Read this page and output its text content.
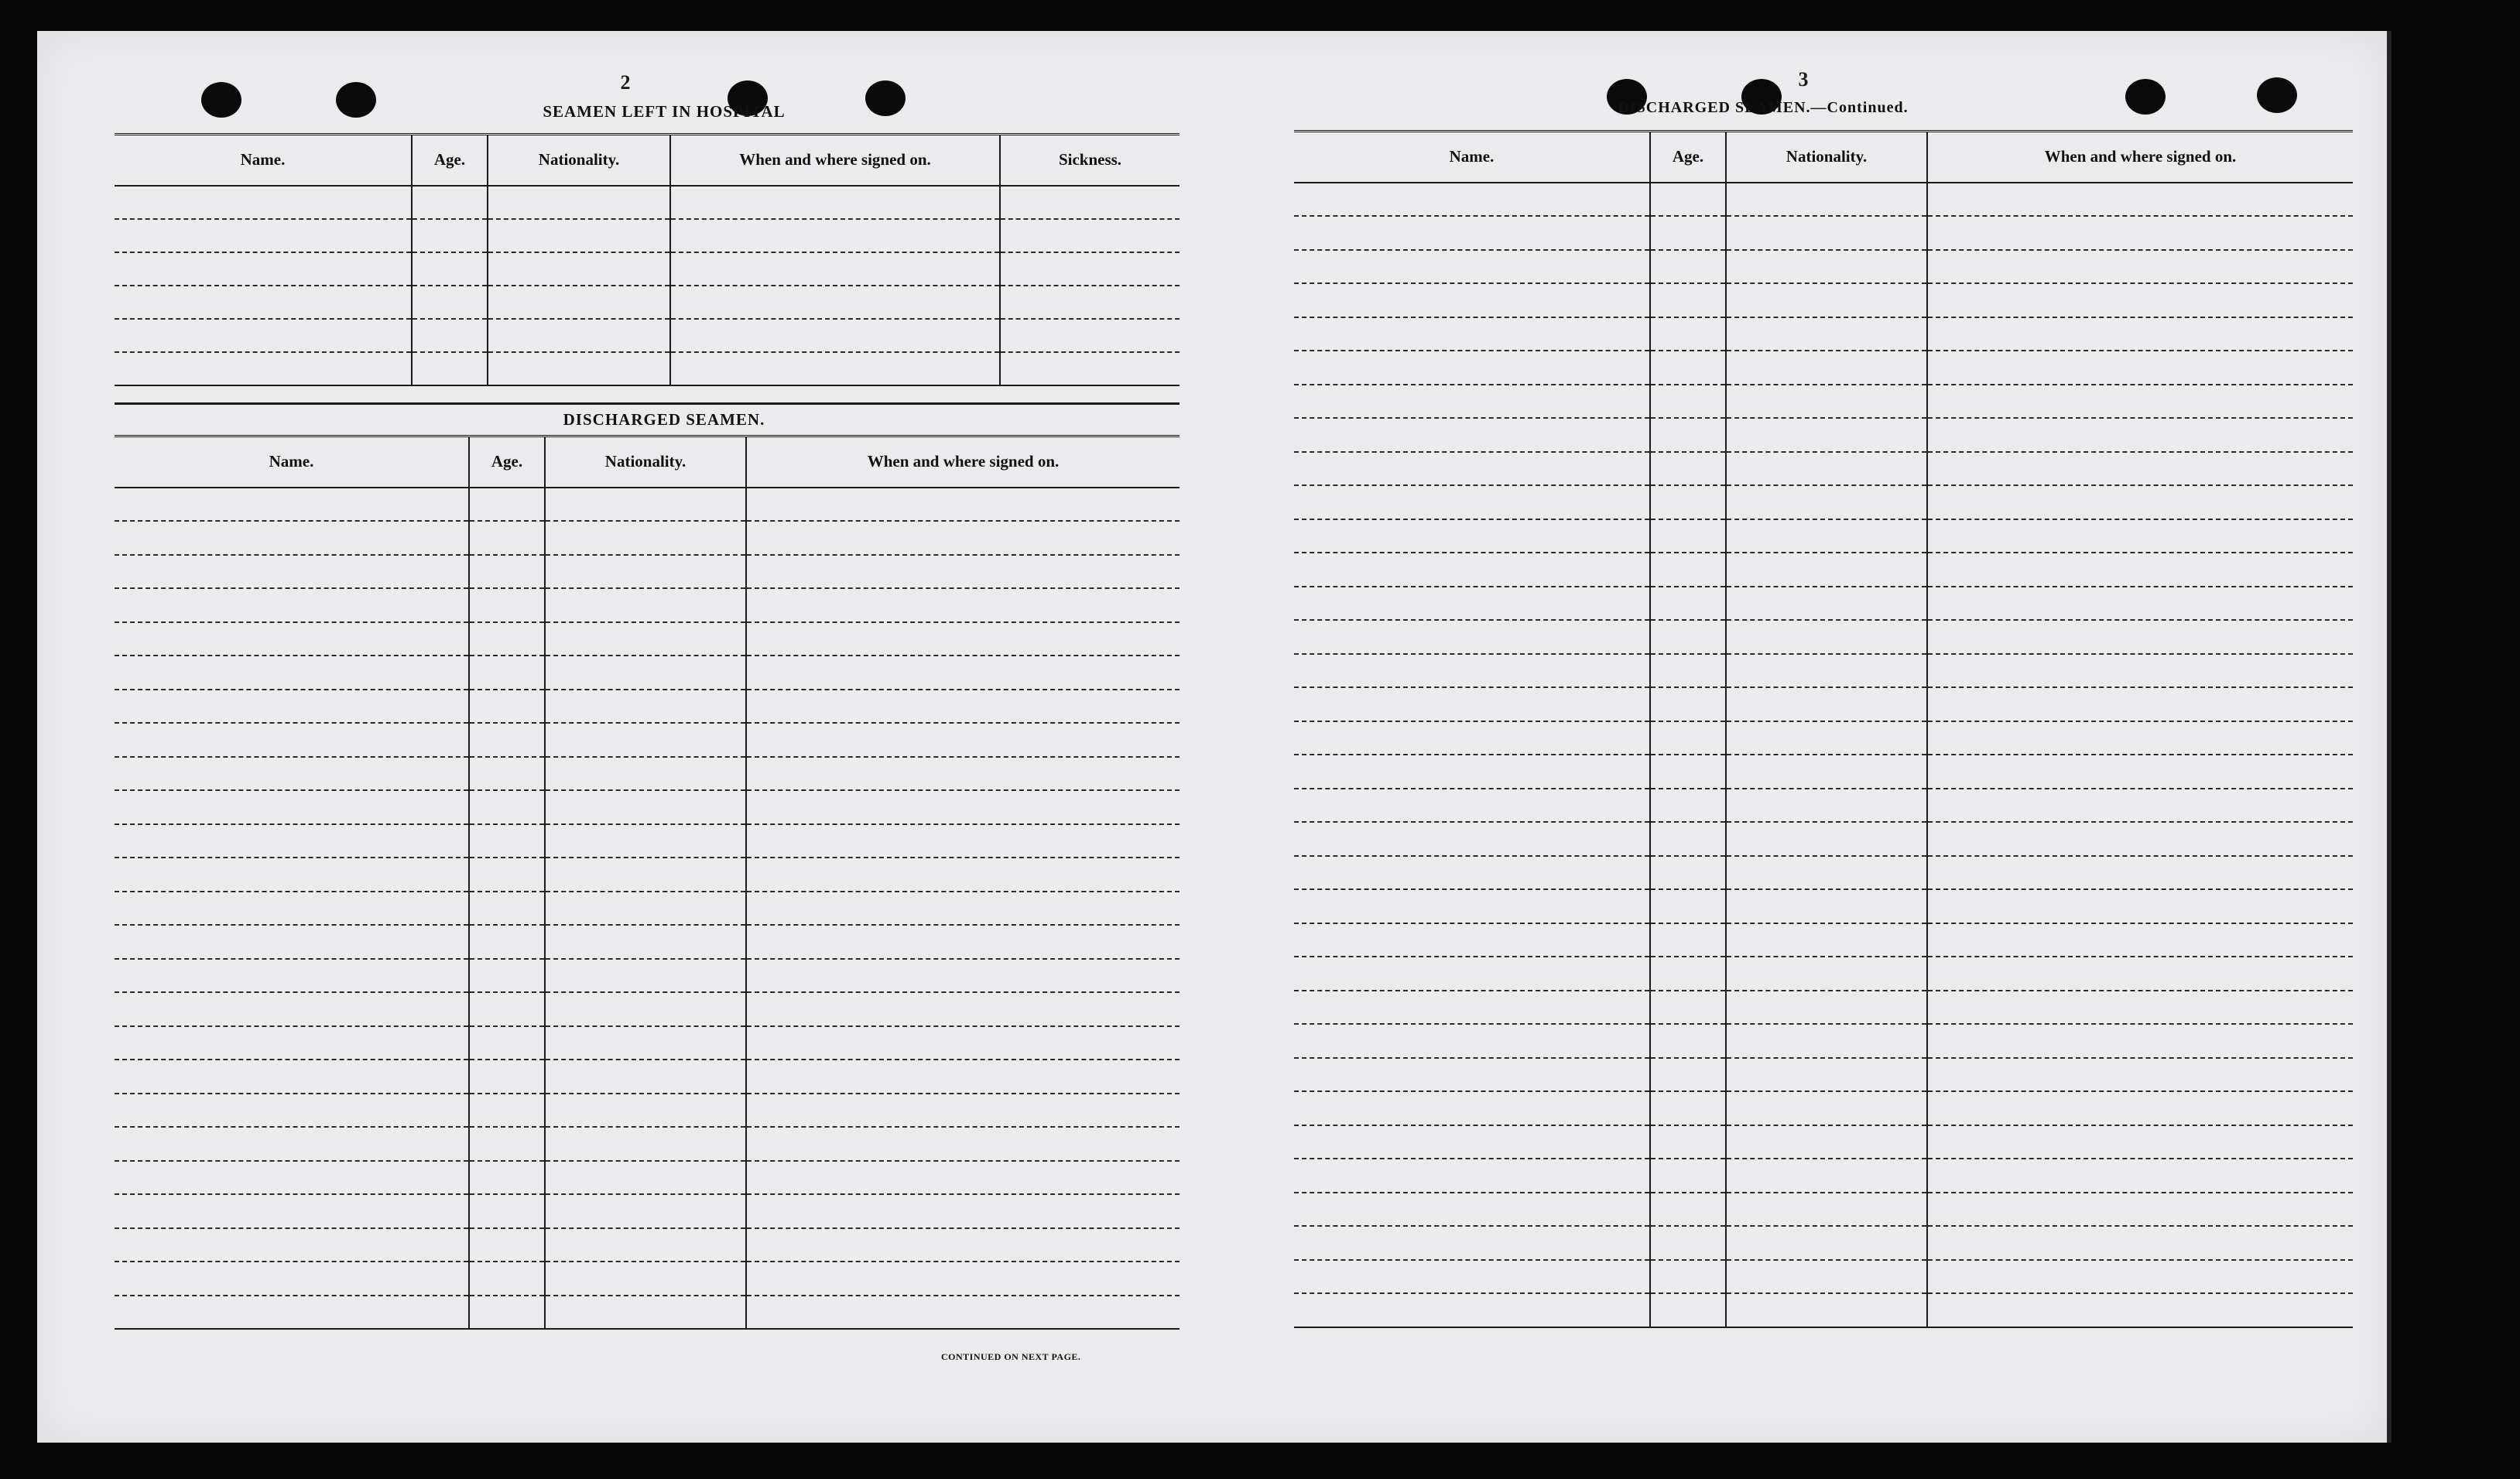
2
SEAMEN LEFT IN HOSPITAL
Name.	Age.	Nationality.	When and where signed on.	Sickness.

DISCHARGED SEAMEN.
Name.	Age.	Nationality.	When and where signed on.

CONTINUED ON NEXT PAGE.
3
DISCHARGED SEAMEN.—Continued.
Name.	Age.	Nationality.	When and where signed on.
